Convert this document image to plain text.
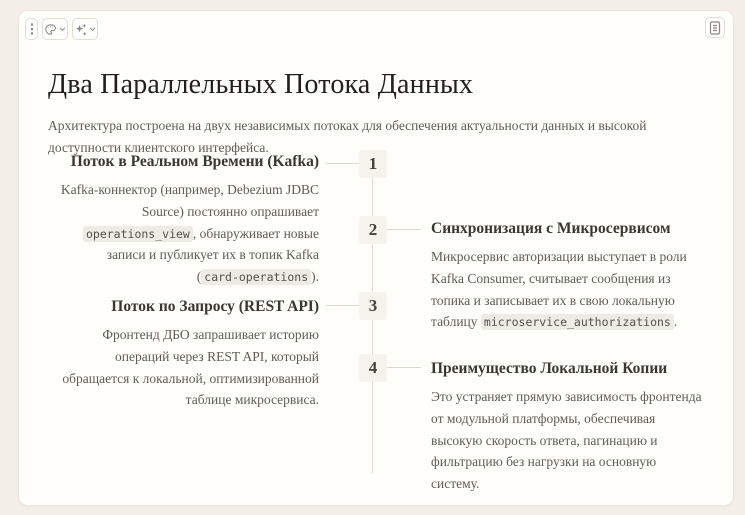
Два Параллельных Потока Данных

Архитектура построена на двух независимых потоках для обеспечения актуальности данных и высокой доступности клиентского интерфейса.

1
2
3
4
Поток в Реальном Времени (Kafka)

Kafka-коннектор (например, Debezium JDBC Source) постоянно опрашивает operations_view , обнаруживает новые записи и публикует их в топик Kafka ( card-operations ).

Синхронизация с Микросервисом

Микросервис авторизации выступает в роли Kafka Consumer, считывает сообщения из топика и записывает их в свою локальную таблицу microservice_authorizations .

Поток по Запросу (REST API)

Фронтенд ДБО запрашивает историю операций через REST API, который обращается к локальной, оптимизированной таблице микросервиса.

Преимущество Локальной Копии

Это устраняет прямую зависимость фронтенда от модульной платформы, обеспечивая высокую скорость ответа, пагинацию и фильтрацию без нагрузки на основную систему.
